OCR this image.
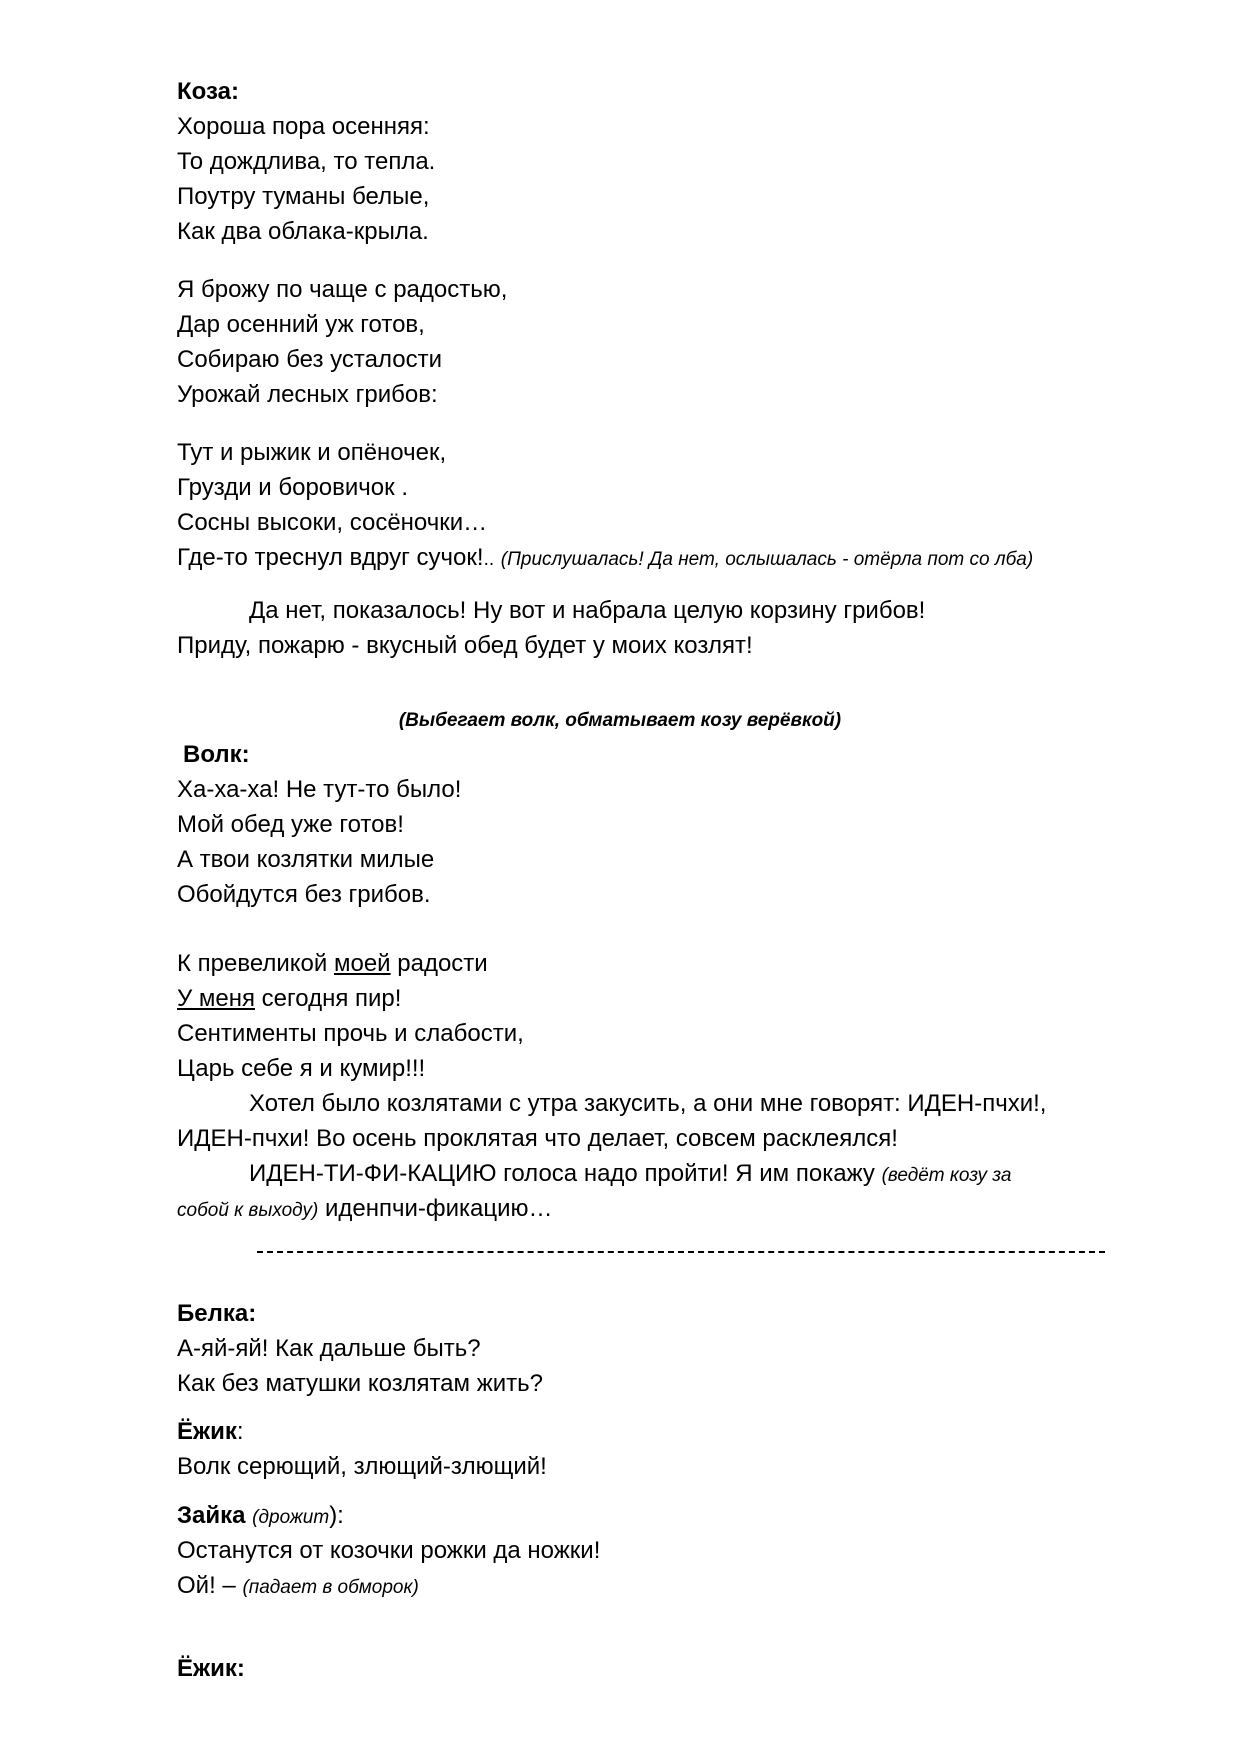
Коза:
Хороша пора осенняя:
То дождлива, то тепла.
Поутру туманы белые,
Как два облака-крыла.
Я брожу по чаще с радостью,
Дар осенний уж готов,
Собираю без усталости
Урожай лесных грибов:
Тут и рыжик и опёночек,
Грузди и боровичок .
Сосны высоки, сосёночки…
Где-то треснул вдруг сучок!.. (Прислушалась! Да нет, ослышалась - отёрла пот со лба)
Да нет, показалось! Ну вот и набрала целую корзину грибов!
Приду, пожарю - вкусный обед будет у моих козлят!
(Выбегает волк, обматывает козу верёвкой)
Волк:
Ха-ха-ха! Не тут-то было!
Мой обед уже готов!
А твои козлятки милые
Обойдутся без грибов.
К превеликой моей радости
У меня сегодня пир!
Сентименты прочь и слабости,
Царь себе я и кумир!!!
Хотел было козлятами с утра закусить, а они мне говорят: ИДЕН-пчхи!,
ИДЕН-пчхи! Во осень проклятая что делает, совсем расклеялся!
ИДЕН-ТИ-ФИ-КАЦИЮ голоса надо пройти! Я им покажу (ведёт козу за
собой к выходу) иденпчи-фикацию…
Белка:
А-яй-яй! Как дальше быть?
Как без матушки козлятам жить?
Ёжик:
Волк серющий, злющий-злющий!
Зайка (дрожит):
Останутся от козочки рожки да ножки!
Ой! – (падает в обморок)
Ёжик:
